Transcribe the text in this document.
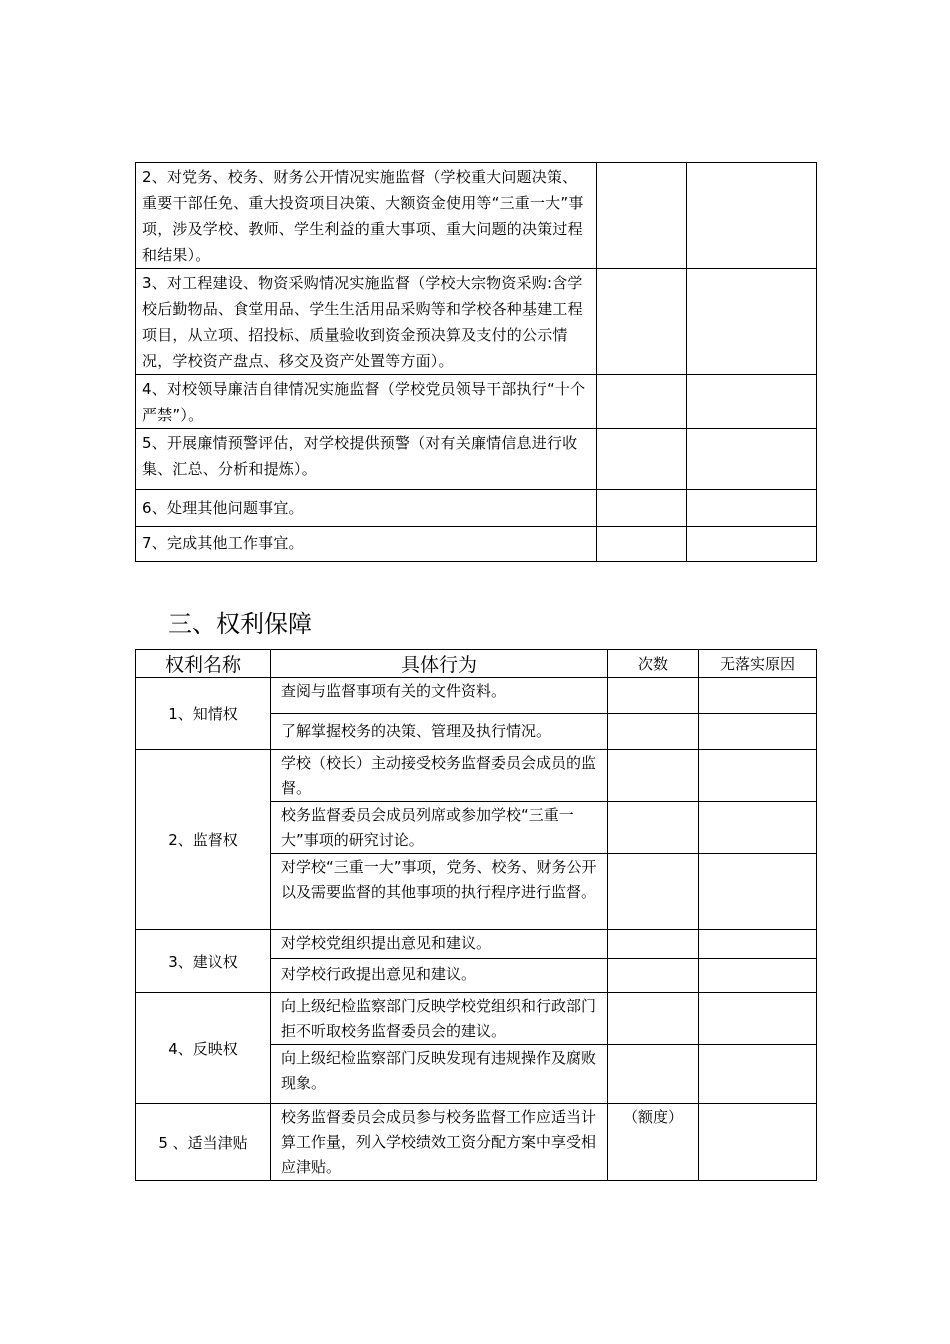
2、对党务、校务、财务公开情况实施监督（学校重大问题决策、重要干部任免、重大投资项目决策、大额资金使用等“三重一大”事项，涉及学校、教师、学生利益的重大事项、重大问题的决策过程和结果）。		
3、对工程建设、物资采购情况实施监督（学校大宗物资采购:含学校后勤物品、食堂用品、学生生活用品采购等和学校各种基建工程项目，从立项、招投标、质量验收到资金预决算及支付的公示情况，学校资产盘点、移交及资产处置等方面）。		
4、对校领导廉洁自律情况实施监督（学校党员领导干部执行“十个严禁”）。		
5、开展廉情预警评估，对学校提供预警（对有关廉情信息进行收集、汇总、分析和提炼）。		
6、处理其他问题事宜。		
7、完成其他工作事宜。		
三、权利保障
权利名称	具体行为	次数	无落实原因
1、知情权	查阅与监督事项有关的文件资料。		
	了解掌握校务的决策、管理及执行情况。		
2、监督权	学校（校长）主动接受校务监督委员会成员的监督。		
	校务监督委员会成员列席或参加学校“三重一大”事项的研究讨论。		
	对学校“三重一大”事项，党务、校务、财务公开以及需要监督的其他事项的执行程序进行监督。		
3、建议权	对学校党组织提出意见和建议。		
	对学校行政提出意见和建议。		
4、反映权	向上级纪检监察部门反映学校党组织和行政部门拒不听取校务监督委员会的建议。		
	向上级纪检监察部门反映发现有违规操作及腐败现象。		
5 、适当津贴	校务监督委员会成员参与校务监督工作应适当计算工作量，列入学校绩效工资分配方案中享受相应津贴。	（额度）	
